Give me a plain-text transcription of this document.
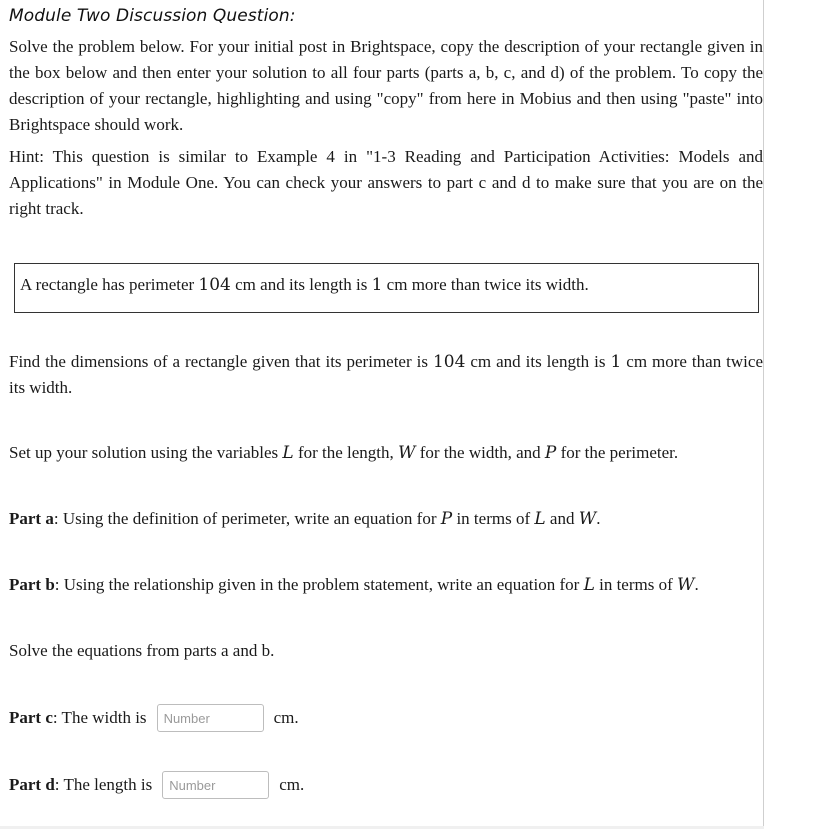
Module Two Discussion Question:

Solve the problem below. For your initial post in Brightspace, copy the description of your rectangle given in the box below and then enter your solution to all four parts (parts a, b, c, and d) of the problem. To copy the description of your rectangle, highlighting and using "copy" from here in Mobius and then using "paste" into Brightspace should work.

Hint: This question is similar to Example 4 in "1-3 Reading and Participation Activities: Models and Applications" in Module One. You can check your answers to part c and d to make sure that you are on the right track.

A rectangle has perimeter 104 cm and its length is 1 cm more than twice its width.

Find the dimensions of a rectangle given that its perimeter is 104 cm and its length is 1 cm more than twice its width.

Set up your solution using the variables L for the length, W for the width, and P for the perimeter.

Part a: Using the definition of perimeter, write an equation for P in terms of L and W.

Part b: Using the relationship given in the problem statement, write an equation for L in terms of W.

Solve the equations from parts a and b.

Part c : The width is
Number	cm.
Part d : The length is
Number	cm.
